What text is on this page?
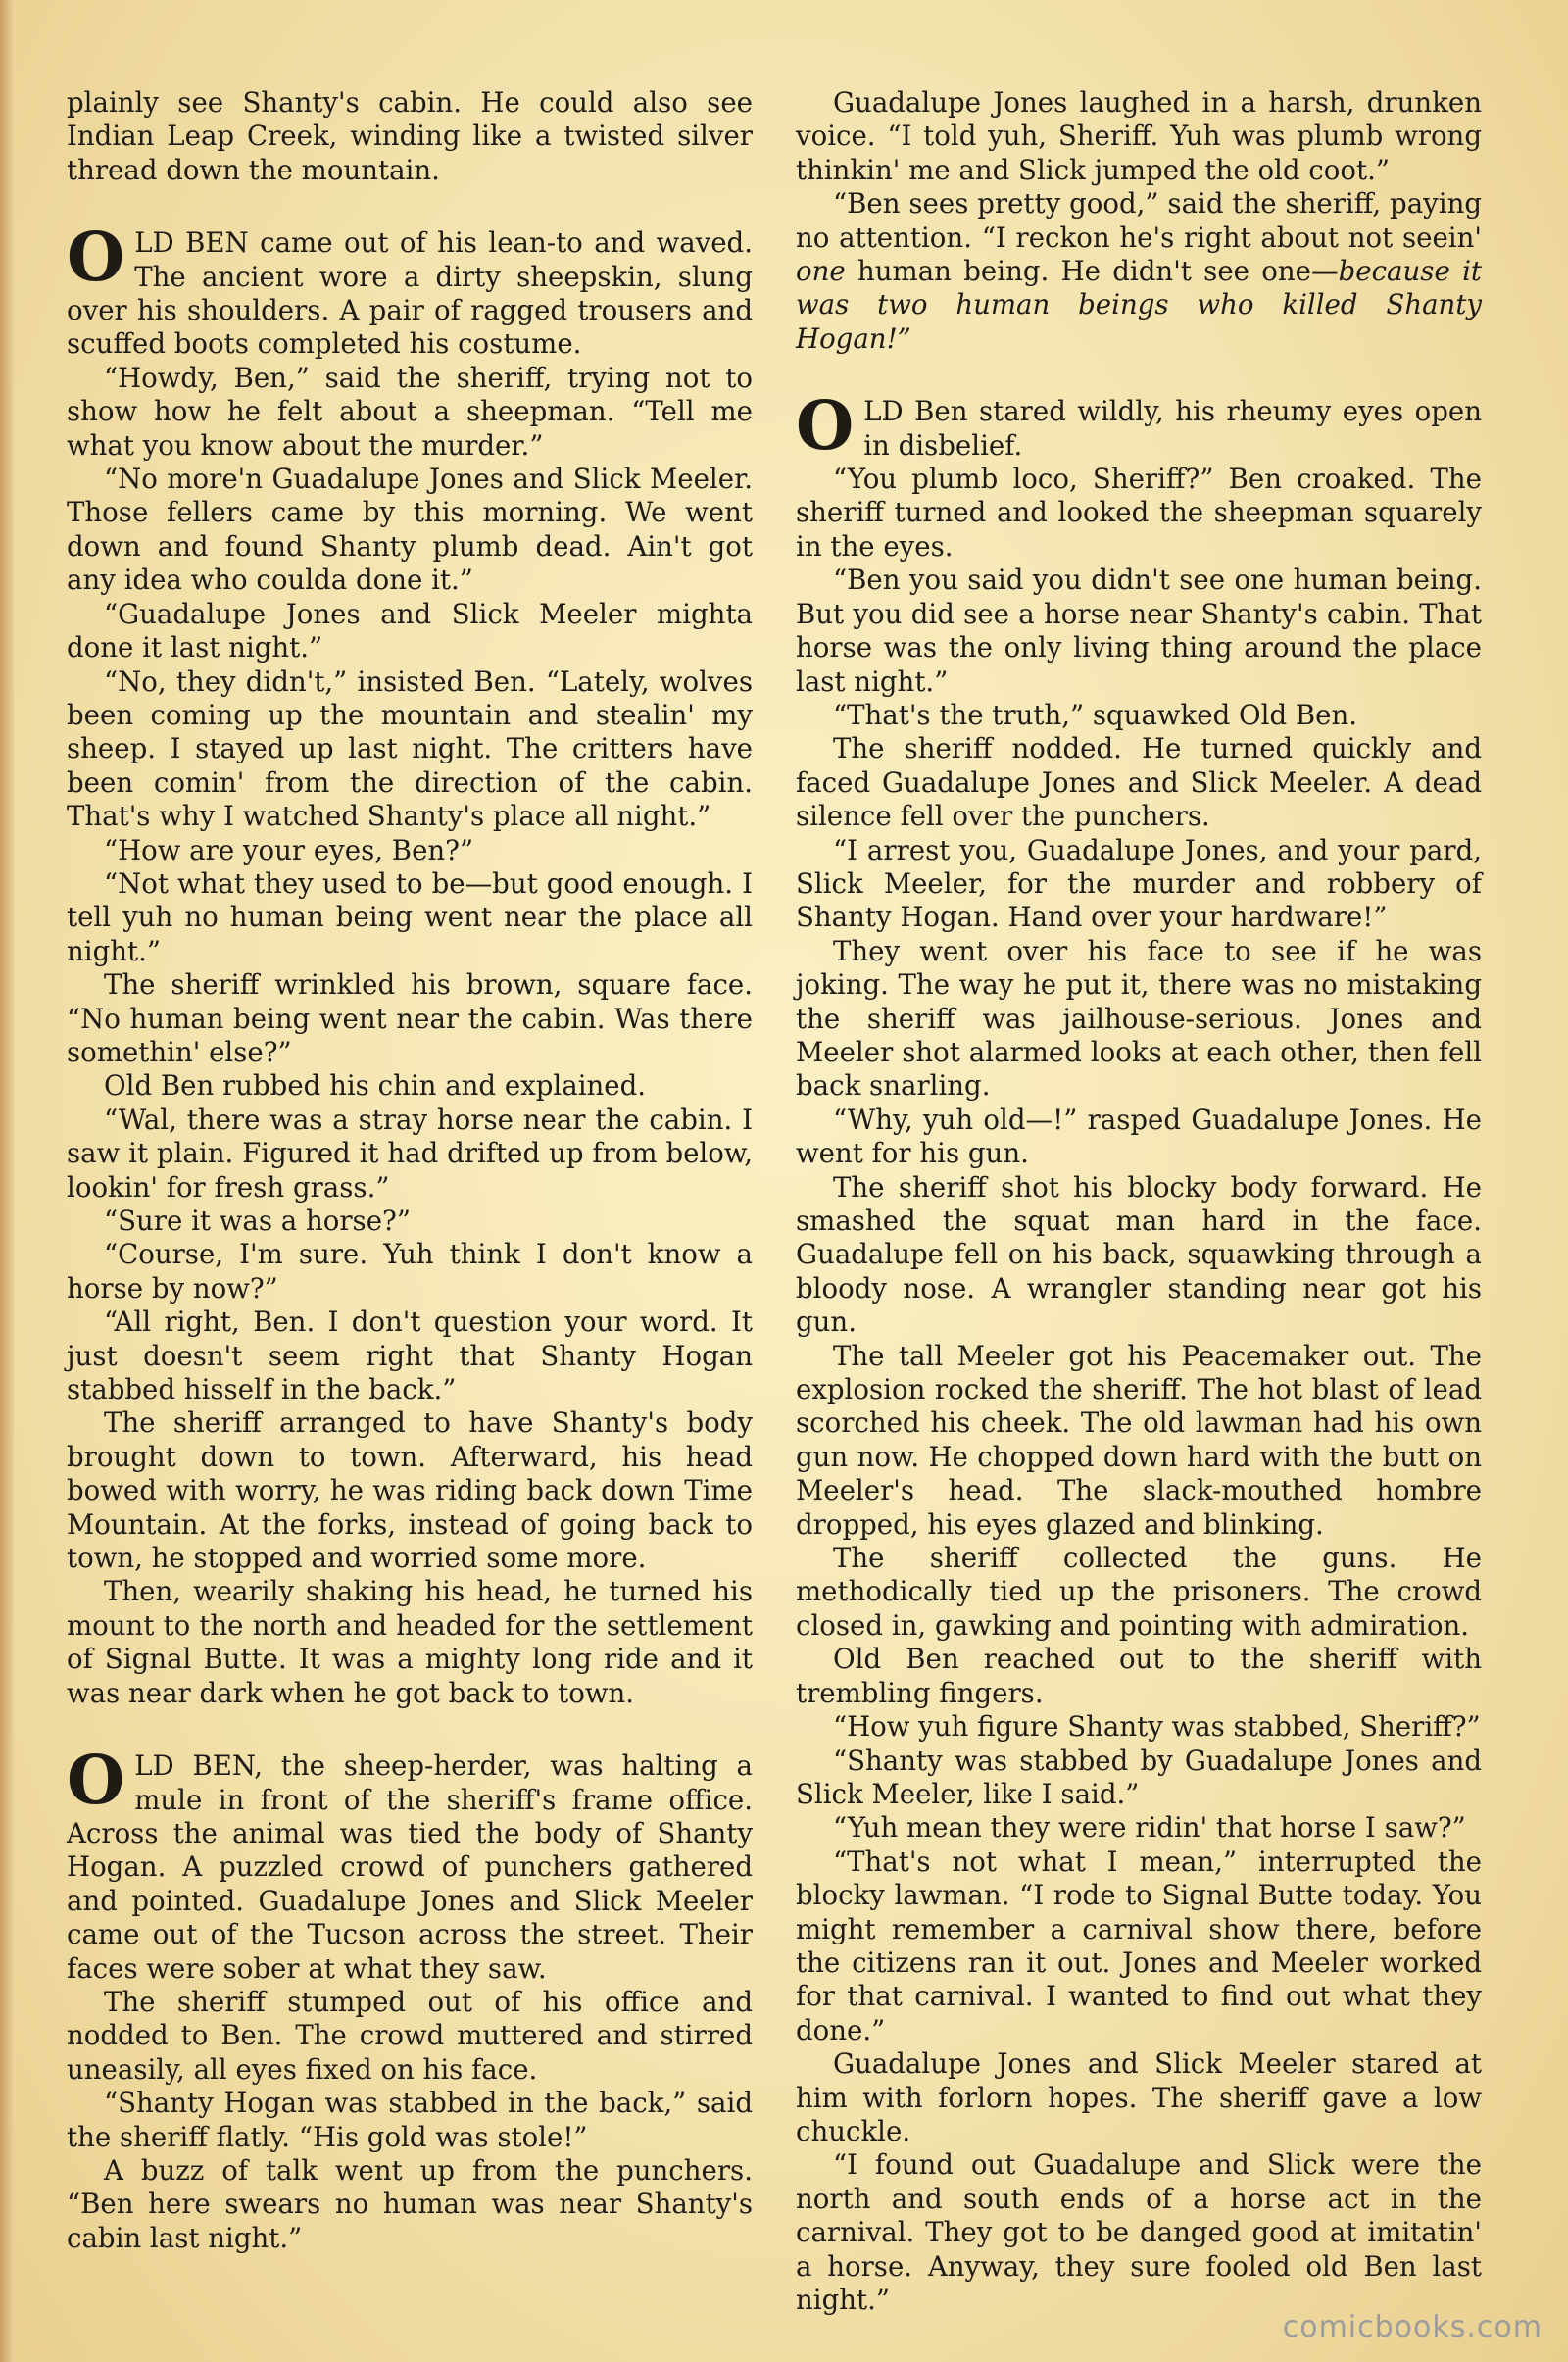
plainly see Shanty's cabin. He could also see Indian Leap Creek, winding like a twisted silver thread down the mountain.

OLD BEN came out of his lean-to and waved. The ancient wore a dirty sheepskin, slung over his shoulders. A pair of ragged trousers and scuffed boots completed his costume.

“Howdy, Ben,” said the sheriff, trying not to show how he felt about a sheepman. “Tell me what you know about the murder.”

“No more'n Guadalupe Jones and Slick Meeler. Those fellers came by this morning. We went down and found Shanty plumb dead. Ain't got any idea who coulda done it.”

“Guadalupe Jones and Slick Meeler mighta done it last night.”

“No, they didn't,” insisted Ben. “Lately, wolves been coming up the mountain and stealin' my sheep. I stayed up last night. The critters have been comin' from the direction of the cabin. That's why I watched Shanty's place all night.”

“How are your eyes, Ben?”

“Not what they used to be—but good enough. I tell yuh no human being went near the place all night.”

The sheriff wrinkled his brown, square face. “No human being went near the cabin. Was there somethin' else?”

Old Ben rubbed his chin and explained.

“Wal, there was a stray horse near the cabin. I saw it plain. Figured it had drifted up from below, lookin' for fresh grass.”

“Sure it was a horse?”

“Course, I'm sure. Yuh think I don't know a horse by now?”

“All right, Ben. I don't question your word. It just doesn't seem right that Shanty Hogan stabbed hisself in the back.”

The sheriff arranged to have Shanty's body brought down to town. Afterward, his head bowed with worry, he was riding back down Time Mountain. At the forks, instead of going back to town, he stopped and worried some more.

Then, wearily shaking his head, he turned his mount to the north and headed for the settlement of Signal Butte. It was a mighty long ride and it was near dark when he got back to town.

OLD BEN, the sheep-herder, was halting a mule in front of the sheriff's frame office. Across the animal was tied the body of Shanty Hogan. A puzzled crowd of punchers gathered and pointed. Guadalupe Jones and Slick Meeler came out of the Tucson across the street. Their faces were sober at what they saw.

The sheriff stumped out of his office and nodded to Ben. The crowd muttered and stirred uneasily, all eyes fixed on his face.

“Shanty Hogan was stabbed in the back,” said the sheriff flatly. “His gold was stole!”

A buzz of talk went up from the punchers. “Ben here swears no human was near Shanty's cabin last night.”

Guadalupe Jones laughed in a harsh, drunken voice. “I told yuh, Sheriff. Yuh was plumb wrong thinkin' me and Slick jumped the old coot.”

“Ben sees pretty good,” said the sheriff, paying no attention. “I reckon he's right about not seein' one human being. He didn't see one—because it was two human beings who killed Shanty Hogan!”

OLD Ben stared wildly, his rheumy eyes open in disbelief.

“You plumb loco, Sheriff?” Ben croaked. The sheriff turned and looked the sheepman squarely in the eyes.

“Ben you said you didn't see one human being. But you did see a horse near Shanty's cabin. That horse was the only living thing around the place last night.”

“That's the truth,” squawked Old Ben.

The sheriff nodded. He turned quickly and faced Guadalupe Jones and Slick Meeler. A dead silence fell over the punchers.

“I arrest you, Guadalupe Jones, and your pard, Slick Meeler, for the murder and robbery of Shanty Hogan. Hand over your hardware!”

They went over his face to see if he was joking. The way he put it, there was no mistaking the sheriff was jailhouse-serious. Jones and Meeler shot alarmed looks at each other, then fell back snarling.

“Why, yuh old—!” rasped Guadalupe Jones. He went for his gun.

The sheriff shot his blocky body forward. He smashed the squat man hard in the face. Guadalupe fell on his back, squawking through a bloody nose. A wrangler standing near got his gun.

The tall Meeler got his Peacemaker out. The explosion rocked the sheriff. The hot blast of lead scorched his cheek. The old lawman had his own gun now. He chopped down hard with the butt on Meeler's head. The slack-mouthed hombre dropped, his eyes glazed and blinking.

The sheriff collected the guns. He methodically tied up the prisoners. The crowd closed in, gawking and pointing with admiration.

Old Ben reached out to the sheriff with trembling fingers.

“How yuh figure Shanty was stabbed, Sheriff?”

“Shanty was stabbed by Guadalupe Jones and Slick Meeler, like I said.”

“Yuh mean they were ridin' that horse I saw?”

“That's not what I mean,” interrupted the blocky lawman. “I rode to Signal Butte today. You might remember a carnival show there, before the citizens ran it out. Jones and Meeler worked for that carnival. I wanted to find out what they done.”

Guadalupe Jones and Slick Meeler stared at him with forlorn hopes. The sheriff gave a low chuckle.

“I found out Guadalupe and Slick were the north and south ends of a horse act in the carnival. They got to be danged good at imitatin' a horse. Anyway, they sure fooled old Ben last night.”

comicbooks.com
